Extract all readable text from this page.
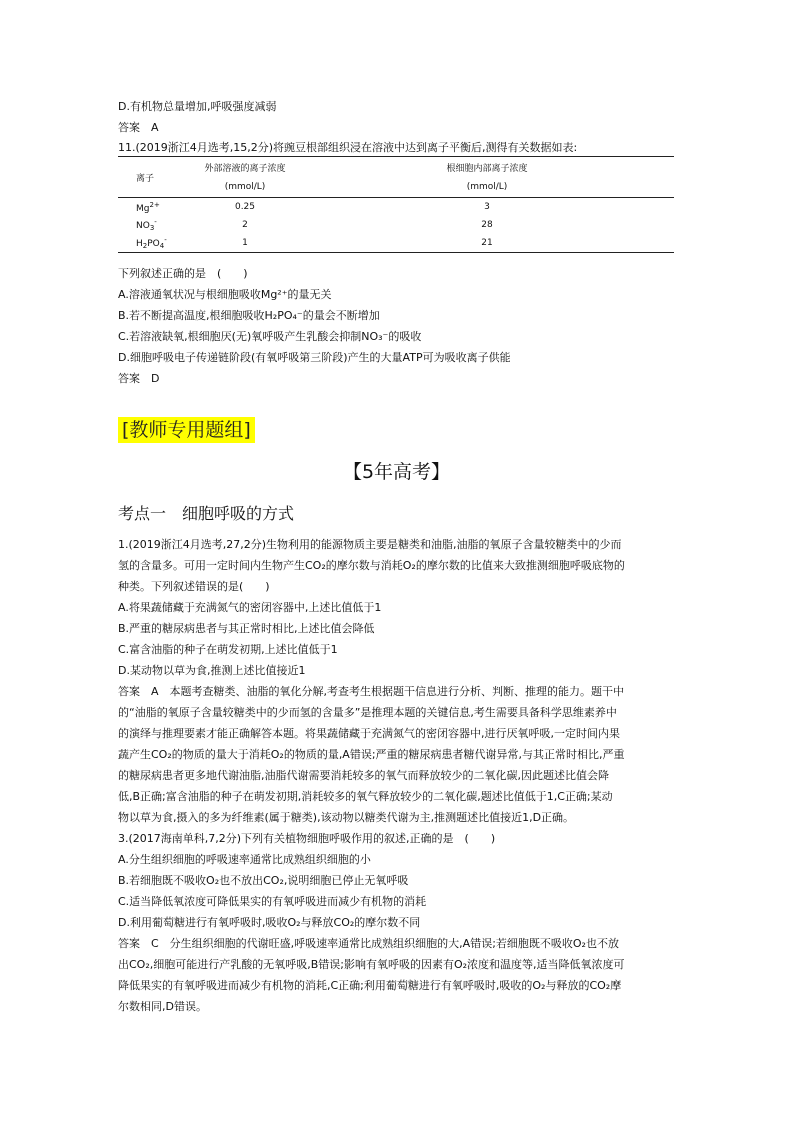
D.有机物总量增加,呼吸强度减弱
答案　A
11.(2019浙江4月选考,15,2分)将豌豆根部组织浸在溶液中达到离子平衡后,测得有关数据如表:
离子	外部溶液的离子浓度	根细胞内部离子浓度
	(mmol/L)	(mmol/L)
$Mg^{2+}$	0.25	3
$NO_3^-$	2	28
$H_2PO_4^-$	1	21
下列叙述正确的是　(　　)
A.溶液通氧状况与根细胞吸收Mg²⁺的量无关
B.若不断提高温度,根细胞吸收H₂PO₄⁻的量会不断增加
C.若溶液缺氧,根细胞厌(无)氧呼吸产生乳酸会抑制NO₃⁻的吸收
D.细胞呼吸电子传递链阶段(有氧呼吸第三阶段)产生的大量ATP可为吸收离子供能
答案　D
[教师专用题组]
【5年高考】
考点一　细胞呼吸的方式
1.(2019浙江4月选考,27,2分)生物利用的能源物质主要是糖类和油脂,油脂的氧原子含量较糖类中的少而
氢的含量多。可用一定时间内生物产生CO₂的摩尔数与消耗O₂的摩尔数的比值来大致推测细胞呼吸底物的
种类。下列叙述错误的是(　　)
A.将果蔬储藏于充满氮气的密闭容器中,上述比值低于1
B.严重的糖尿病患者与其正常时相比,上述比值会降低
C.富含油脂的种子在萌发初期,上述比值低于1
D.某动物以草为食,推测上述比值接近1
答案　A　本题考查糖类、油脂的氧化分解,考查考生根据题干信息进行分析、判断、推理的能力。题干中
的“油脂的氧原子含量较糖类中的少而氢的含量多”是推理本题的关键信息,考生需要具备科学思维素养中
的演绎与推理要素才能正确解答本题。将果蔬储藏于充满氮气的密闭容器中,进行厌氧呼吸,一定时间内果
蔬产生CO₂的物质的量大于消耗O₂的物质的量,A错误;严重的糖尿病患者糖代谢异常,与其正常时相比,严重
的糖尿病患者更多地代谢油脂,油脂代谢需要消耗较多的氧气而释放较少的二氧化碳,因此题述比值会降
低,B正确;富含油脂的种子在萌发初期,消耗较多的氧气释放较少的二氧化碳,题述比值低于1,C正确;某动
物以草为食,摄入的多为纤维素(属于糖类),该动物以糖类代谢为主,推测题述比值接近1,D正确。
3.(2017海南单科,7,2分)下列有关植物细胞呼吸作用的叙述,正确的是　(　　)
A.分生组织细胞的呼吸速率通常比成熟组织细胞的小
B.若细胞既不吸收O₂也不放出CO₂,说明细胞已停止无氧呼吸
C.适当降低氧浓度可降低果实的有氧呼吸进而减少有机物的消耗
D.利用葡萄糖进行有氧呼吸时,吸收O₂与释放CO₂的摩尔数不同
答案　C　分生组织细胞的代谢旺盛,呼吸速率通常比成熟组织细胞的大,A错误;若细胞既不吸收O₂也不放
出CO₂,细胞可能进行产乳酸的无氧呼吸,B错误;影响有氧呼吸的因素有O₂浓度和温度等,适当降低氧浓度可
降低果实的有氧呼吸进而减少有机物的消耗,C正确;利用葡萄糖进行有氧呼吸时,吸收的O₂与释放的CO₂摩
尔数相同,D错误。
